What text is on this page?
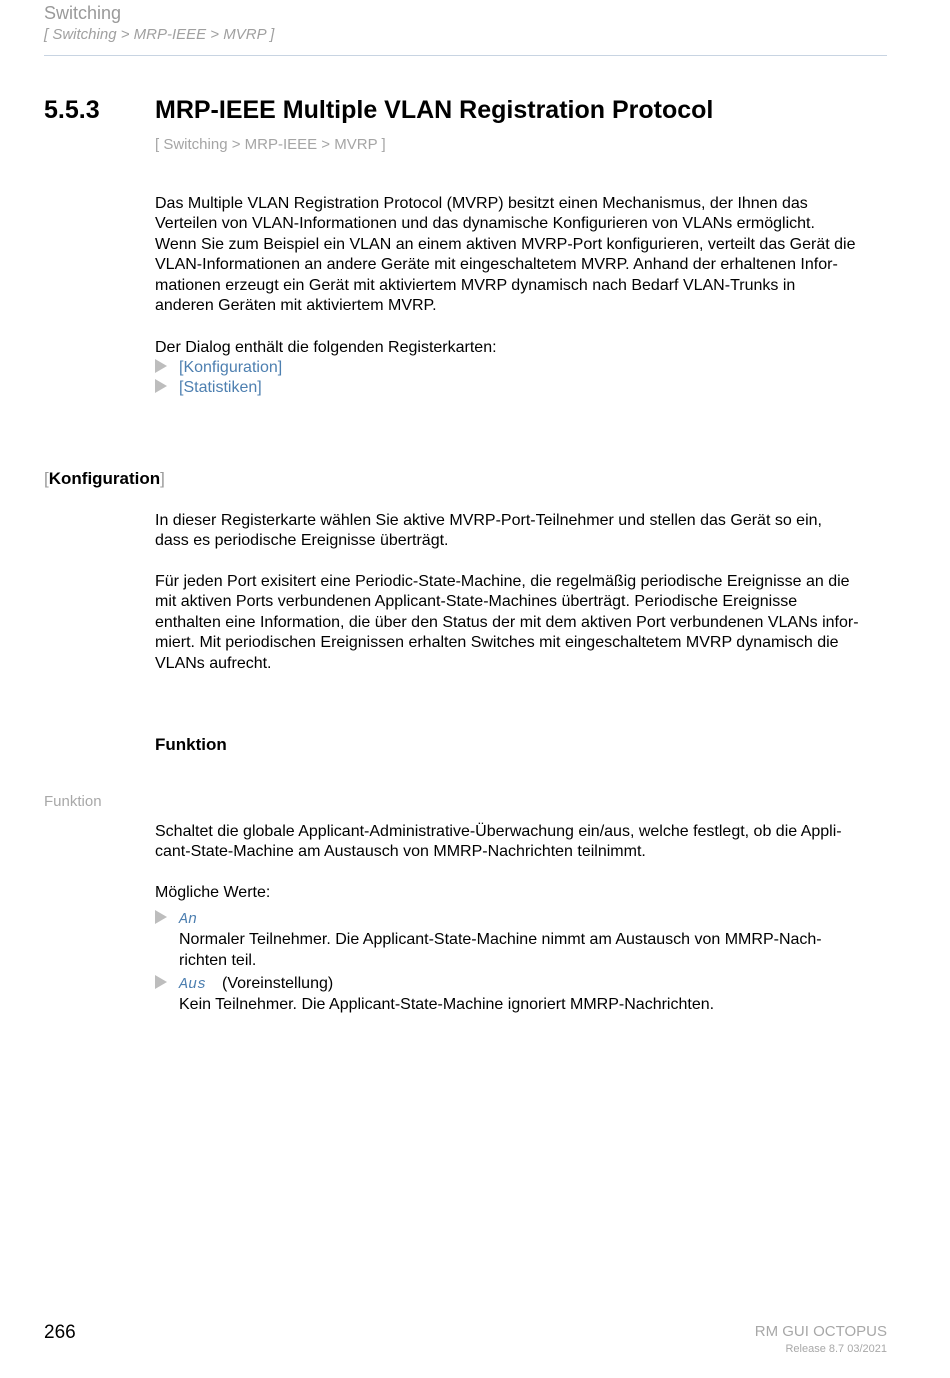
Switching
[ Switching > MRP-IEEE > MVRP ]
5.5.3 MRP-IEEE Multiple VLAN Registration Protocol
[ Switching > MRP-IEEE > MVRP ]
Das Multiple VLAN Registration Protocol (MVRP) besitzt einen Mechanismus, der Ihnen das
Verteilen von VLAN-Informationen und das dynamische Konfigurieren von VLANs ermöglicht.
Wenn Sie zum Beispiel ein VLAN an einem aktiven MVRP-Port konfigurieren, verteilt das Gerät die
VLAN-Informationen an andere Geräte mit eingeschaltetem MVRP. Anhand der erhaltenen Infor-
mationen erzeugt ein Gerät mit aktiviertem MVRP dynamisch nach Bedarf VLAN-Trunks in
anderen Geräten mit aktiviertem MVRP.
Der Dialog enthält die folgenden Registerkarten:
[Konfiguration]
[Statistiken]
[Konfiguration]
In dieser Registerkarte wählen Sie aktive MVRP-Port-Teilnehmer und stellen das Gerät so ein,
dass es periodische Ereignisse überträgt.
Für jeden Port exisitert eine Periodic-State-Machine, die regelmäßig periodische Ereignisse an die
mit aktiven Ports verbundenen Applicant-State-Machines überträgt. Periodische Ereignisse
enthalten eine Information, die über den Status der mit dem aktiven Port verbundenen VLANs infor-
miert. Mit periodischen Ereignissen erhalten Switches mit eingeschaltetem MVRP dynamisch die
VLANs aufrecht.
Funktion
Funktion
Schaltet die globale Applicant-Administrative-Überwachung ein/aus, welche festlegt, ob die Appli-
cant-State-Machine am Austausch von MMRP-Nachrichten teilnimmt.
Mögliche Werte:
An
Normaler Teilnehmer. Die Applicant-State-Machine nimmt am Austausch von MMRP-Nach-
richten teil.
Aus (Voreinstellung)
Kein Teilnehmer. Die Applicant-State-Machine ignoriert MMRP-Nachrichten.
266	RM GUI OCTOPUS
Release 8.7 03/2021
